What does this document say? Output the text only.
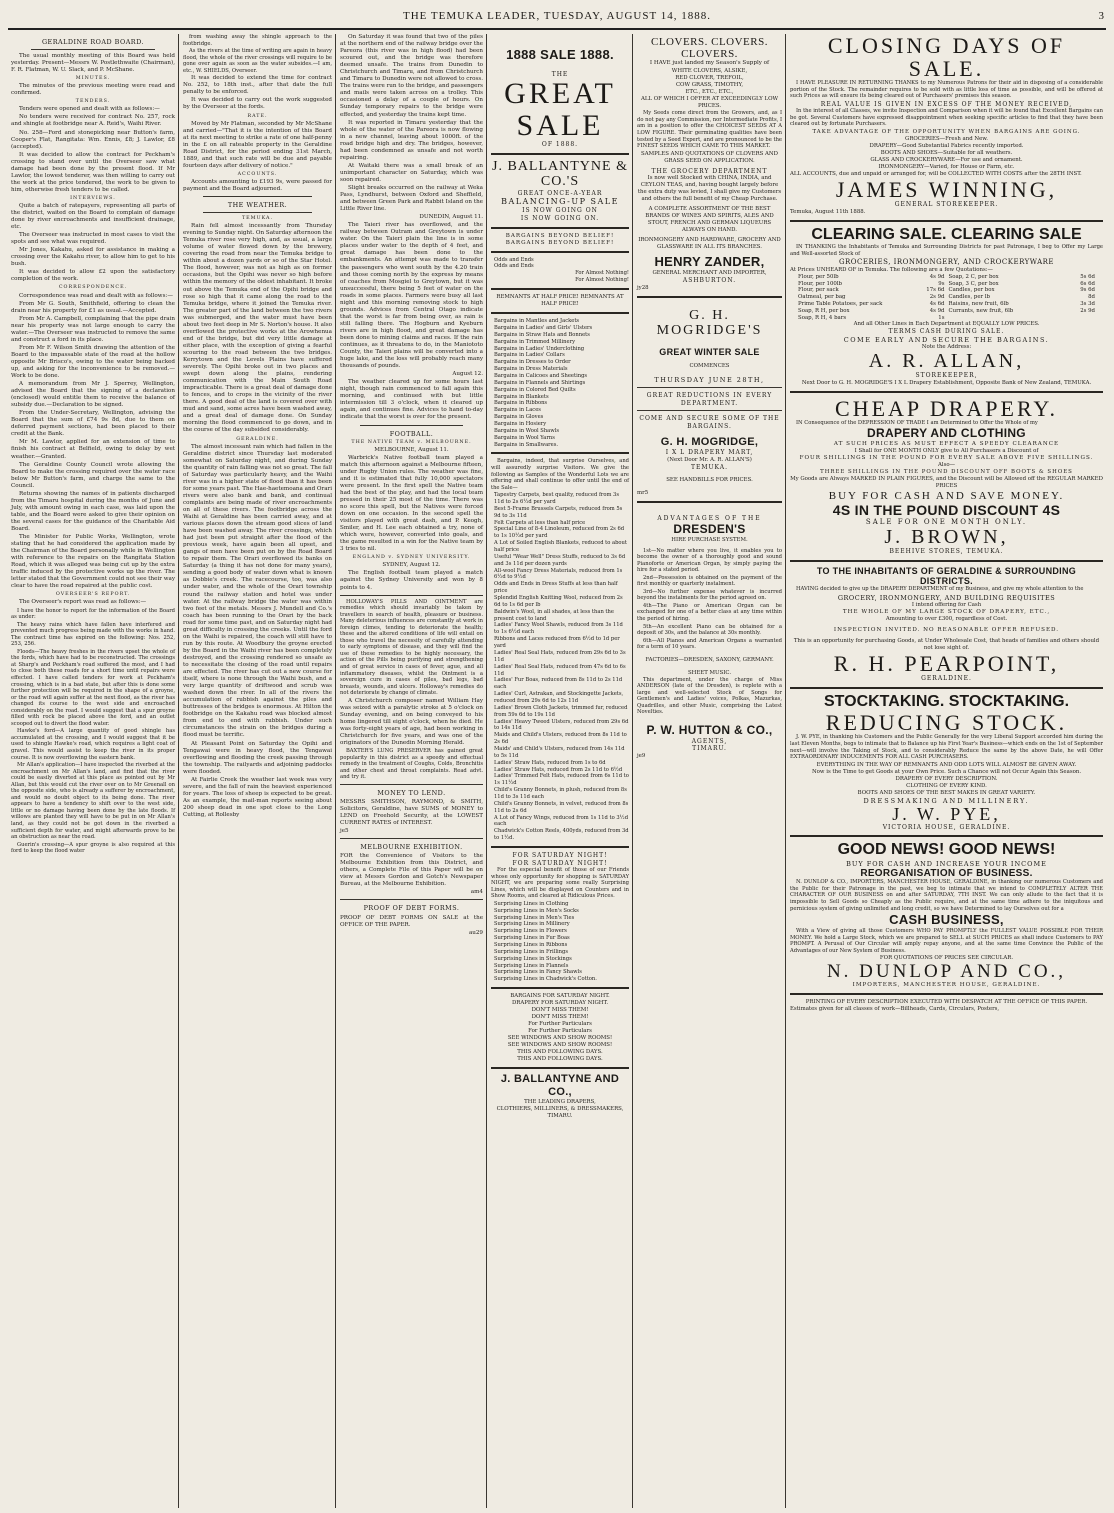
THE TEMUKA LEADER, TUESDAY, AUGUST 14, 1888.	3
GERALDINE ROAD BOARD.

The usual monthly meeting of this Board was held yesterday. Present—Messrs W. Postlethwaite (Chairman), F. R. Flatman, W. U. Slack, and P. McShane.

MINUTES.

The minutes of the previous meeting were read and confirmed.

TENDERS.

Tenders were opened and dealt with as follows:—

No tenders were received for contract No. 257, rock and shingle at footbridge near A. Reid's, Waihi River.

No. 258—Ford and stonepicking near Button's farm, Cooper's Flat, Rangitata: Wm. Ennis, £8; J. Lawlor, £8 (accepted).

It was decided to allow the contract for Peckham's crossing to stand over until the Overseer saw what damage had been done by the present flood. If Mr Lawlor, the lowest tenderer, was then willing to carry out the work at the price tendered, the work to be given to him, otherwise fresh tenders to be called.

INTERVIEWS.

Quite a batch of ratepayers, representing all parts of the district, waited on the Board to complain of damage done by river encroachments and insufficient drainage, etc.

The Overseer was instructed in most cases to visit the spots and see what was required.

Mr Jones, Kakahu, asked for assistance in making a crossing over the Kakahu river, to allow him to get to his bush.

It was decided to allow £2 upon the satisfactory completion of the work.

CORRESPONDENCE.

Correspondence was read and dealt with as follows:—

From Mr G. South, Smithfield, offering to clean the drain near his property for £1 as usual.—Accepted.

From Mr A. Campbell, complaining that the pipe drain near his property was not large enough to carry the water.—The Overseer was instructed to remove the same and construct a ford in its place.

From Mr F. Wilson Smith drawing the attention of the Board to the impassable state of the road at the hollow opposite Mr Brisco's, owing to the water being backed up, and asking for the inconvenience to be removed.—Work to be done.

A memorandum from Mr J. Sperrey, Wellington, advised the Board that the signing of a declaration (enclosed) would entitle them to receive the balance of subsidy due.—Declaration to be signed.

From the Under-Secretary, Wellington, advising the Board that the sum of £74 9s 8d, due to them on deferred payment sections, had been placed to their credit at the Bank.

Mr M. Lawlor, applied for an extension of time to finish his contract at Belfield, owing to delay by wet weather.—Granted.

The Geraldine County Council wrote allowing the Board to make the crossing required over the water race below Mr Button's farm, and charge the same to the Council.

Returns showing the names of in patients discharged from the Timaru hospital during the months of June and July, with amount owing in each case, was laid upon the table, and the Board were asked to give their opinion on the several cases for the guidance of the Charitable Aid Board.

The Minister for Public Works, Wellington, wrote stating that he had considered the application made by the Chairman of the Board personally while in Wellington with reference to the repairs on the Rangitata Station Road, which it was alleged was being cut up by the extra traffic induced by the protective works up the river. The letter stated that the Government could not see their way clear to have the road repaired at the public cost.

OVERSEER'S REPORT.

The Overseer's report was read as follows:—

I have the honor to report for the information of the Board as under:

The heavy rains which have fallen have interfered and prevented much progress being made with the works in hand. The contract time has expired on the following: Nos. 252, 253, 256.

Floods—The heavy freshes in the rivers upset the whole of the fords, which have had to be reconstructed. The crossings at Sharp's and Peckham's road suffered the most, and I had to close both these roads for a short time until repairs were effected. I have called tenders for work at Peckham's crossing, which is in a bad state, but after this is done some further protection will be required in the shape of a groyne, or the road will again suffer at the next flood, as the river has changed its course to the west side and encroached considerably on the road. I would suggest that a spur groyne filled with rock be placed above the ford, and an outlet scooped out to divert the flood water.

Hawke's ford—A large quantity of good shingle has accumulated at the crossing, and I would suggest that it be used to shingle Hawke's road, which requires a light coat of gravel. This would assist to keep the river in its proper course. It is now overflowing the eastern bank.

Mr Allan's application—I have inspected the riverbed at the encroachment on Mr Allan's land, and find that the river could be easily diverted at this place as pointed out by Mr Allan, but this would cut the river over on to Mr Greenall on the opposite side, who is already a sufferer by encroachment, and would no doubt object to its being done. The river appears to have a tendency to shift over to the west side, little or no damage having been done by the late floods. If willows are planted they will have to be put in on Mr Allan's land, as they could not be got down in the riverbed a sufficient depth for water, and might afterwards prove to be an obstruction as near the road.

Guerin's crossing—A spur groyne is also required at this ford to keep the flood water

from washing away the shingle approach to the footbridge.

As the rivers at the time of writing are again in heavy flood, the whole of the river crossings will require to be gone over again as soon as the water subsides.—I am, etc., W. SHIELDS, Overseer.

It was decided to extend the time for contract No. 252, to 18th inst., after that date the full penalty to be enforced.

It was decided to carry out the work suggested by the Overseer at the fords.

RATE.

Moved by Mr Flatman, seconded by Mr McShane and carried—"That it is the intention of this Board at its next meeting to strike a rate of one half-penny in the £ on all rateable property in the Geraldine Road District, for the period ending 31st March, 1889, and that such rate will be due and payable fourteen days after delivery of notice."

ACCOUNTS.

Accounts amounting to £193 9s, were passed for payment and the Board adjourned.

THE WEATHER.
TEMUKA.

Rain fell almost incessantly from Thursday evening to Sunday night. On Saturday afternoon the Temuka river rose very high, and, as usual, a large volume of water flowed down by the brewery, covering the road from near the Temuka bridge to within about a dozen yards or so of the Star Hotel. The flood, however, was not as high as on former occasions, but the Opihi was never so high before within the memory of the oldest inhabitant. It broke out above the Temuka end of the Opihi bridge and rose so high that it came along the road to the Temuka bridge, where it joined the Temuka river. The greater part of the land between the two rivers was submerged, and the water must have been about two feet deep in Mr S. Norton's house. It also overflowed the protective works at the Arowhenua end of the bridge, but did very little damage at either place, with the exception of giving a fearful scouring to the road between the two bridges. Kerrytown and the Levels Plains have suffered severely. The Opihi broke out in two places and swept down along the plains, rendering communication with the Main South Road impracticable. There is a great deal of damage done to fences, and to crops in the vicinity of the river there. A good deal of the land is covered over with mud and sand, some acres have been washed away, and a great deal of damage done. On Sunday morning the flood commenced to go down, and in the course of the day subsided considerably.

GERALDINE.

The almost incessant rain which had fallen in the Geraldine district since Thursday last moderated somewhat on Saturday night, and during Sunday the quantity of rain falling was not so great. The fall of Saturday was particularly heavy, and the Waihi river was in a higher state of flood than it has been for some years past. The Hae-haetemoana and Orari rivers were also bank and bank, and continual complaints are being made of river encroachments on all of these rivers. The footbridge across the Waihi at Geraldine has been carried away, and at various places down the stream good slices of land have been washed away. The river crossings, which had just been put straight after the flood of the previous week, have again been all upset, and gangs of men have been put on by the Road Board to repair them. The Orari overflowed its banks on Saturday (a thing it has not done for many years), sending a good body of water down what is known as Dobbie's creek. The racecourse, too, was also under water, and the whole of the Orari township round the railway station and hotel was under water. At the railway bridge the water was within two feet of the metals. Messrs J. Mundell and Co.'s coach has been running to the Orari by the back road for some time past, and on Saturday night had great difficulty in crossing the creeks. Until the ford on the Waihi is repaired, the coach will still have to run by this route. At Woodbury the groyne erected by the Board in the Waihi river has been completely destroyed, and the crossing rendered so unsafe as to necessitate the closing of the road until repairs are effected. The river has cut out a new course for itself, where is none through the Waihi bush, and a very large quantity of driftwood and scrub was washed down the river. In all of the rivers the accumulation of rubbish against the piles and buttresses of the bridges is enormous. At Hilton the footbridge on the Kakahu road was blocked almost from end to end with rubbish. Under such circumstances the strain on the bridges during a flood must be terrific.

At Pleasant Point on Saturday the Opihi and Tengawai were in heavy flood, the Tengawai overflowing and flooding the creek passing through the township. The railyards and adjoining paddocks were flooded.

At Fairlie Creek the weather last week was very severe, and the fall of rain the heaviest experienced for years. The loss of sheep is expected to be great. As an example, the mail-man reports seeing about 200 sheep dead in one spot close to the Long Cutting, at Rollesby

On Saturday it was found that two of the piles at the northern end of the railway bridge over the Pareora (this river was in high flood) had been scoured out, and the bridge was therefore deemed unsafe. The trains from Dunedin to Christchurch and Timaru, and from Christchurch and Timaru to Dunedin were not allowed to cross. The trains were run to the bridge, and passengers and mails were taken across on a trolley. This occasioned a delay of a couple of hours. On Sunday temporary repairs to the bridge were effected, and yesterday the trains kept time.

It was reported in Timaru yesterday that the whole of the water of the Pareora is now flowing in a new channel, leaving about 1000ft. of the road bridge high and dry. The bridges, however, had been condemned as unsafe and not worth repairing.

At Waitaki there was a small break of an unimportant character on Saturday, which was soon repaired.

Slight breaks occurred on the railway at Weka Pass, Lyndhurst, between Oxford and Sheffield, and between Green Park and Rabbit Island on the Little River line.

DUNEDIN, August 11.

The Taieri river has overflowed, and the railway between Outram and Greytown is under water. On the Taieri plain the line is in some places under water to the depth of 4 feet, and great damage has been done to the embankments. An attempt was made to transfer the passengers who went south by the 4.20 train and those coming north by the express by means of coaches from Mosgiel to Greytown, but it was unsuccessful, there being 5 feet of water on the roads in some places. Farmers were busy all last night and this morning removing stock to high grounds. Advices from Central Otago indicate that the worst is far from being over, as rain is still falling there. The Hogburn and Kyeburn rivers are in high flood, and great damage has been done to mining claims and races. If the rain continues, as it threatens to do, in the Maniototo County, the Taieri plains will be converted into a huge lake, and the loss will probably reach many thousands of pounds.

August 12.

The weather cleared up for some hours last night, though rain commenced to fall again this morning, and continued with but little intermission till 3 o'clock, when it cleared up again, and continues fine. Advices to hand to-day indicate that the worst is over for the present.

FOOTBALL.
THE NATIVE TEAM v. MELBOURNE.

MELBOURNE, August 11.

Warbrick's Native football team played a match this afternoon against a Melbourne fifteen, under Rugby Union rules. The weather was fine, and it is estimated that fully 10,000 spectators were present. In the first spell the Native team had the best of the play, and had the local team pressed in their 25 most of the time. There was no score this spell, but the Natives were forced down on one occasion. In the second spell the visitors played with great dash, and P. Keogh, Smiler, and H. Lee each obtained a try, none of which were, however, converted into goals, and the game resulted in a win for the Native team by 3 tries to nil.

ENGLAND v. SYDNEY UNIVERSITY.

SYDNEY, August 12.

The English football team played a match against the Sydney University and won by 8 points to 4.

HOLLOWAY'S PILLS AND OINTMENT are remedies which should invariably be taken by travellers in search of health, pleasure or business. Many deleterious influences are constantly at work in foreign climes, tending to deteriorate the health; these and the altered conditions of life will entail on those who travel the necessity of carefully attending to early symptoms of disease, and they will find the use of these remedies to be highly necessary, the action of the Pills being purifying and strengthening and of great service in cases of fever, ague, and all inflammatory diseases, whilst the Ointment is a sovereign cure in cases of piles, bad legs, bad breasts, wounds, and ulcers. Holloway's remedies do not deteriorate by change of climate.

A Christchurch composer named William Hay was seized with a paralytic stroke at 5 o'clock on Sunday evening, and on being conveyed to his home lingered till eight o'clock, when he died. He was forty-eight years of age, had been working in Christchurch for five years, and was one of the originators of the Dunedin Morning Herald.

BAXTER'S LUNG PRESERVER has gained great popularity in this district as a speedy and effectual remedy in the treatment of Coughs, Colds, Bronchitis and other chest and throat complaints. Read advt. and try it.

MONEY TO LEND.

MESSRS SMITHSON, RAYMOND, & SMITH, Solicitors, Geraldine, have SUMS of MONEY to LEND on Freehold Security, at the LOWEST CURRENT RATES of INTEREST.

je5

MELBOURNE EXHIBITION.

FOR the Convenience of Visitors to the Melbourne Exhibition from this District, and others, a Complete File of this Paper will be on view at Messrs Gordon and Gotch's Newspaper Bureau, at the Melbourne Exhibition.

am4

PROOF OF DEBT FORMS.

PROOF OF DEBT FORMS ON SALE at the OFFICE OF THE PAPER.

au29

1888 SALE 1888.
THE
GREAT SALE
OF 1888.
J. BALLANTYNE & CO.'S
GREAT ONCE-A-YEAR
BALANCING-UP SALE
IS NOW GOING ON
IS NOW GOING ON.
BARGAINS BEYOND BELIEF!
BARGAINS BEYOND BELIEF!
Odds and Ends
Odds and Ends
For Almost Nothing!
For Almost Nothing!
REMNANTS AT HALF PRICE! REMNANTS AT HALF PRICE!
Bargains in Mantles and Jackets
Bargains in Ladies' and Girls' Ulsters
Bargains in Straw Hats and Bonnets
Bargains in Trimmed Millinery
Bargains in Ladies' Underclothing
Bargains in Ladies' Collars
Bargains in Dresses to Order
Bargains in Dress Materials
Bargains in Calicoes and Sheetings
Bargains in Flannels and Shirtings
Bargains in Colored Bed Quilts
Bargains in Blankets
Bargains in Ribbons
Bargains in Laces
Bargains in Gloves
Bargains in Hosiery
Bargains in Wool Shawls
Bargains in Wool Yarns
Bargains in Smallwares.

Bargains, indeed, that surprise Ourselves, and will assuredly surprise Visitors. We give the following as Samples of the Wonderful Lots we are offering and shall continue to offer until the end of the Sale—

Tapestry Carpets, best quality, reduced from 3s 11d to 2s 6½d per yard
Best 5-Frame Brussels Carpets, reduced from 5s 9d to 3s 11d
Felt Carpets at less than half price
Special Line of 8-4 Linoleum, reduced from 2s 6d to 1s 10½d per yard
A Lot of Soiled English Blankets, reduced to about half price
Useful "Wear Well" Dress Stuffs, reduced to 3s 6d and 3s 11d per dozen yards
All-wool Fancy Dress Materials, reduced from 1s 6½d to 9½d
Odds and Ends in Dress Stuffs at less than half price
Splendid English Knitting Wool, reduced from 2s 6d to 1s 6d per lb
Baldwin's Wool, in all shades, at less than the present cost to land
Ladies' Fancy Wool Shawls, reduced from 3s 11d to 1s 6½d each
Ribbons and Laces reduced from 6½d to 1d per yard
Ladies' Real Seal Hats, reduced from 29s 6d to 3s 11d
Ladies' Real Seal Hats, reduced from 47s 6d to 6s 11d
Ladies' Fur Boas, reduced from 8s 11d to 2s 11d each
Ladies' Curl, Astrakan, and Stockingette Jackets, reduced from 29s 6d to 12s 11d
Ladies' Brown Cloth Jackets, trimmed fur, reduced from 59s 6d to 19s 11d
Ladies' Heavy Tweed Ulsters, reduced from 29s 6d to 14s 11d
Maids and Child's Ulsters, reduced from 8s 11d to 2s 6d
Maids' and Child's Ulsters, reduced from 14s 11d to 5s 11d
Ladies' Straw Hats, reduced from 1s to 6d
Ladies' Straw Hats, reduced from 2s 11d to 6½d
Ladies' Trimmed Felt Hats, reduced from 6s 11d to 1s 11½d
Child's Granny Bonnets, in plush, reduced from 8s 11d to 3s 11d each
Child's Granny Bonnets, in velvet, reduced from 8s 11d to 2s 6d
A Lot of Fancy Wings, reduced from 1s 11d to 3½d each
Chadwick's Cotton Reels, 400yds, reduced from 3d to 1½d.
FOR SATURDAY NIGHT!
FOR SATURDAY NIGHT!

For the especial benefit of those of our Friends whose only opportunity for shopping is SATURDAY NIGHT, we are preparing some really Surprising Lines, which will be displayed on Counters and in Show Rooms, and cleared at Ridiculous Prices.

Surprising Lines in Clothing
Surprising Lines in Men's Socks
Surprising Lines in Men's Ties
Surprising Lines in Millinery
Surprising Lines in Flowers
Surprising Lines in Fur Boas
Surprising Lines in Ribbons
Surprising Lines in Frillings
Surprising Lines in Stockings
Surprising Lines in Flannels
Surprising Lines in Fancy Shawls
Surprising Lines in Chadwick's Cotton.
BARGAINS FOR SATURDAY NIGHT.
DRAPERY FOR SATURDAY NIGHT.
DON'T MISS THEM!
DON'T MISS THEM!
For Further Particulars
For Further Particulars
SEE WINDOWS AND SHOW ROOMS!
SEE WINDOWS AND SHOW ROOMS!
THIS AND FOLLOWING DAYS.
THIS AND FOLLOWING DAYS.
J. BALLANTYNE AND CO.,
THE LEADING DRAPERS,
CLOTHIERS, MILLINERS, & DRESSMAKERS,
TIMARU.
CLOVERS. CLOVERS. CLOVERS.

I HAVE just landed my Season's Supply of

WHITE CLOVERS, ALSIKE,
RED CLOVER, TREFOIL,
COW GRASS, TIMOTHY,
ETC., ETC., ETC.,
ALL OF WHICH I OFFER AT EXCEEDINGLY LOW PRICES.

My Seeds come direct from the Growers, and, as I do not pay any Commission, nor Intermediate Profits, I am in a position to offer the CHOICEST SEEDS AT A LOW FIGURE. Their germinating qualities have been tested by a Seed Expert, and are pronounced to be the FINEST SEEDS WHICH CAME TO THIS MARKET.

SAMPLES AND QUOTATIONS OF CLOVERS AND GRASS SEED ON APPLICATION.
THE GROCERY DEPARTMENT
Is now well Stocked with CHINA, INDIA, and CEYLON TEAS, and, having bought largely before the extra duty was levied, I shall give my Customers and others the full benefit of my Cheap Purchase.
A COMPLETE ASSORTMENT OF THE BEST BRANDS OF WINES AND SPIRITS, ALES AND STOUT, FRENCH AND GERMAN LIQUEURS ALWAYS ON HAND.
IRONMONGERY AND HARDWARE, GROCERY AND GLASSWARE IN ALL ITS BRANCHES.
HENRY ZANDER,
GENERAL MERCHANT AND IMPORTER,
ASHBURTON.
jy28
G. H. MOGRIDGE'S
GREAT WINTER SALE
COMMENCES
THURSDAY JUNE 28TH,
GREAT REDUCTIONS IN EVERY DEPARTMENT.
COME AND SECURE SOME OF THE BARGAINS.
G. H. MOGRIDGE,
I X L DRAPERY MART,
(Next Door Mr. A. R. ALLAN'S)
TEMUKA.
SEE HANDBILLS FOR PRICES.
mr5
ADVANTAGES OF THE
DRESDEN'S
HIRE PURCHASE SYSTEM.

1st—No matter where you live, it enables you to become the owner of a thoroughly good and sound Pianoforte or American Organ, by simply paying the hire for a stated period.

2nd—Possession is obtained on the payment of the first monthly or quarterly instalment.

3rd—No further expense whatever is incurred beyond the instalments for the period agreed on.

4th—The Piano or American Organ can be exchanged for one of a better class at any time within the period of hiring.

5th—An excellent Piano can be obtained for a deposit of 30s, and the balance at 30s monthly.

6th—All Pianos and American Organs a warranted for a term of 10 years.

FACTORIES—DRESDEN, SAXONY, GERMANY.
SHEET MUSIC.

This department, under the charge of Miss ANDERSON (late of the Dresden), is replete with a large and well-selected Stock of Songs for Gentlemen's and Ladies' voices, Polkas, Mazurkas, Quadrilles, and other Music, comprising the Latest Novelties.

P. W. HUTTON & CO.,
AGENTS,
TIMARU.
je9
CLOSING DAYS OF SALE.

I HAVE PLEASURE IN RETURNING THANKS to my Numerous Patrons for their aid in disposing of a considerable portion of the Stock. The remainder requires to be sold with as little loss of time as possible, and will be offered at such Prices as will ensure its being cleared out of Purchasers' premises this season.

REAL VALUE IS GIVEN IN EXCESS OF THE MONEY RECEIVED,

In the interest of all Classes, we invite Inspection and Comparison when it will be found that Excellent Bargains can be got. Several Customers have expressed disappointment when seeking specific articles to find that they have been cleared out by fortunate Purchasers.

TAKE ADVANTAGE OF THE OPPORTUNITY WHEN BARGAINS ARE GOING.
GROCERIES—Fresh and New.
DRAPERY—Good Substantial Fabrics recently imported.
BOOTS AND SHOES—Suitable for all weathers.
GLASS AND CROCKERYWARE—For use and ornament.
IRONMONGERY—Varied, for House or Farm, etc.
ALL ACCOUNTS, due and unpaid or arranged for, will be COLLECTED WITH COSTS after the 28TH INST.
JAMES WINNING,
GENERAL STOREKEEPER.
Temuka, August 11th 1888.
CLEARING SALE. CLEARING SALE

IN THANKING the Inhabitants of Temuka and Surrounding Districts for past Patronage, I beg to Offer my Large and Well-assorted Stock of

GROCERIES, IRONMONGERY, AND CROCKERYWARE
At Prices UNHEARD OF in Temuka. The following are a few Quotations:—
Flour, per 50lb	4s 9d Soap, 2 C, per box	5s 6d
Flour, per 100lb	9s Soap, 3 C, per box	6s 6d
Flour, per sack	17s 6d Candles, per box	9s 6d
Oatmeal, per bag	2s 9d Candles, per lb	8d
Prime Table Potatoes, per sack	4s 6d Raisins, new fruit, 6lb	3s 3d
Soap, R H, per box	4s 9d Currants, new fruit, 6lb	2s 9d
Soap, R H, 4 bars	1s
And all Other Lines in Each Department at EQUALLY LOW PRICES.
TERMS CASH DURING SALE.
COME EARLY AND SECURE THE BARGAINS.
Note the Address:
A. R. ALLAN,
STOREKEEPER,
Next Door to G. H. MOGRIDGE'S I X L Drapery Establishment, Opposite Bank of New Zealand, TEMUKA.
CHEAP DRAPERY.

IN Consequence of the DEPRESSION OF TRADE I am Determined to Offer the Whole of my

DRAPERY AND CLOTHING
AT SUCH PRICES AS MUST EFFECT A SPEEDY CLEARANCE
I Shall for ONE MONTH ONLY give to All Purchasers a Discount of
FOUR SHILLINGS IN THE POUND FOR EVERY SALE ABOVE FIVE SHILLINGS.
Also—
THREE SHILLINGS IN THE POUND DISCOUNT OFF BOOTS & SHOES
My Goods are Always MARKED IN PLAIN FIGURES, and the Discount will be Allowed off the REGULAR MARKED PRICES
BUY FOR CASH AND SAVE MONEY.
4S IN THE POUND DISCOUNT 4S
SALE FOR ONE MONTH ONLY.
J. BROWN,
BEEHIVE STORES, TEMUKA.
TO THE INHABITANTS OF GERALDINE & SURROUNDING DISTRICTS.

HAVING decided to give up the DRAPERY DEPARTMENT of my Business, and give my whole attention to the

GROCERY, IRONMONGERY, AND BUILDING REQUISITES
I intend offering for Cash
THE WHOLE OF MY LARGE STOCK OF DRAPERY, ETC.,
Amounting to over £300, regardless of Cost.
INSPECTION INVITED. NO REASONABLE OFFER REFUSED.
This is an opportunity for purchasing Goods, at Under Wholesale Cost, that heads of families and others should not lose sight of.
R. H. PEARPOINT,
GERALDINE.
STOCKTAKING. STOCKTAKING.
REDUCING STOCK.

J. W. PYE, in thanking his Customers and the Public Generally for the very Liberal Support accorded him during the last Eleven Months, begs to intimate that to Balance up his First Year's Business—which ends on the 1st of September next—will involve the Taking of Stock, and to considerably Reduce the same by the above Date, he will Offer EXTRAORDINARY INDUCEMENTS FOR ALL CASH PURCHASERS.

EVERYTHING IN THE WAY OF REMNANTS AND ODD LOTS WILL ALMOST BE GIVEN AWAY.
Now is the Time to get Goods at your Own Price. Such a Chance will not Occur Again this Season.
DRAPERY OF EVERY DESCRIPTION.
CLOTHING OF EVERY KIND.
BOOTS AND SHOES OF THE BEST MAKES IN GREAT VARIETY.
DRESSMAKING AND MILLINERY.
J. W. PYE,
VICTORIA HOUSE, GERALDINE.
GOOD NEWS! GOOD NEWS!
BUY FOR CASH AND INCREASE YOUR INCOME
REORGANISATION OF BUSINESS.

N. DUNLOP & CO., IMPORTERS, MANCHESTER HOUSE, GERALDINE, in thanking our numerous Customers and the Public for their Patronage in the past, we beg to intimate that we intend to COMPLETELY ALTER THE CHARACTER OF OUR BUSINESS on and after SATURDAY, 7TH INST. We can only allude to the fact that it is impossible to Sell Goods so Cheaply as the Public require, and at the same time adhere to the iniquitous and pernicious system of giving unlimited and long credit, so we have Determined to lay Ourselves out for a

CASH BUSINESS,

With a View of giving all those Customers WHO PAY PROMPTLY the FULLEST VALUE POSSIBLE FOR THEIR MONEY. We hold a Large Stock, which we are prepared to SELL at SUCH PRICES as shall induce Customers to PAY PROMPT. A Perusal of Our Circular will amply repay anyone, and at the same time Convince the Public of the Advantages of our New System of Business.

FOR QUOTATIONS OF PRICES SEE CIRCULAR.
N. DUNLOP AND CO.,
IMPORTERS, MANCHESTER HOUSE, GERALDINE.
PRINTING OF EVERY DESCRIPTION EXECUTED WITH DESPATCH AT THE OFFICE OF THIS PAPER.
Estimates given for all classes of work—Billheads, Cards, Circulars, Posters,
